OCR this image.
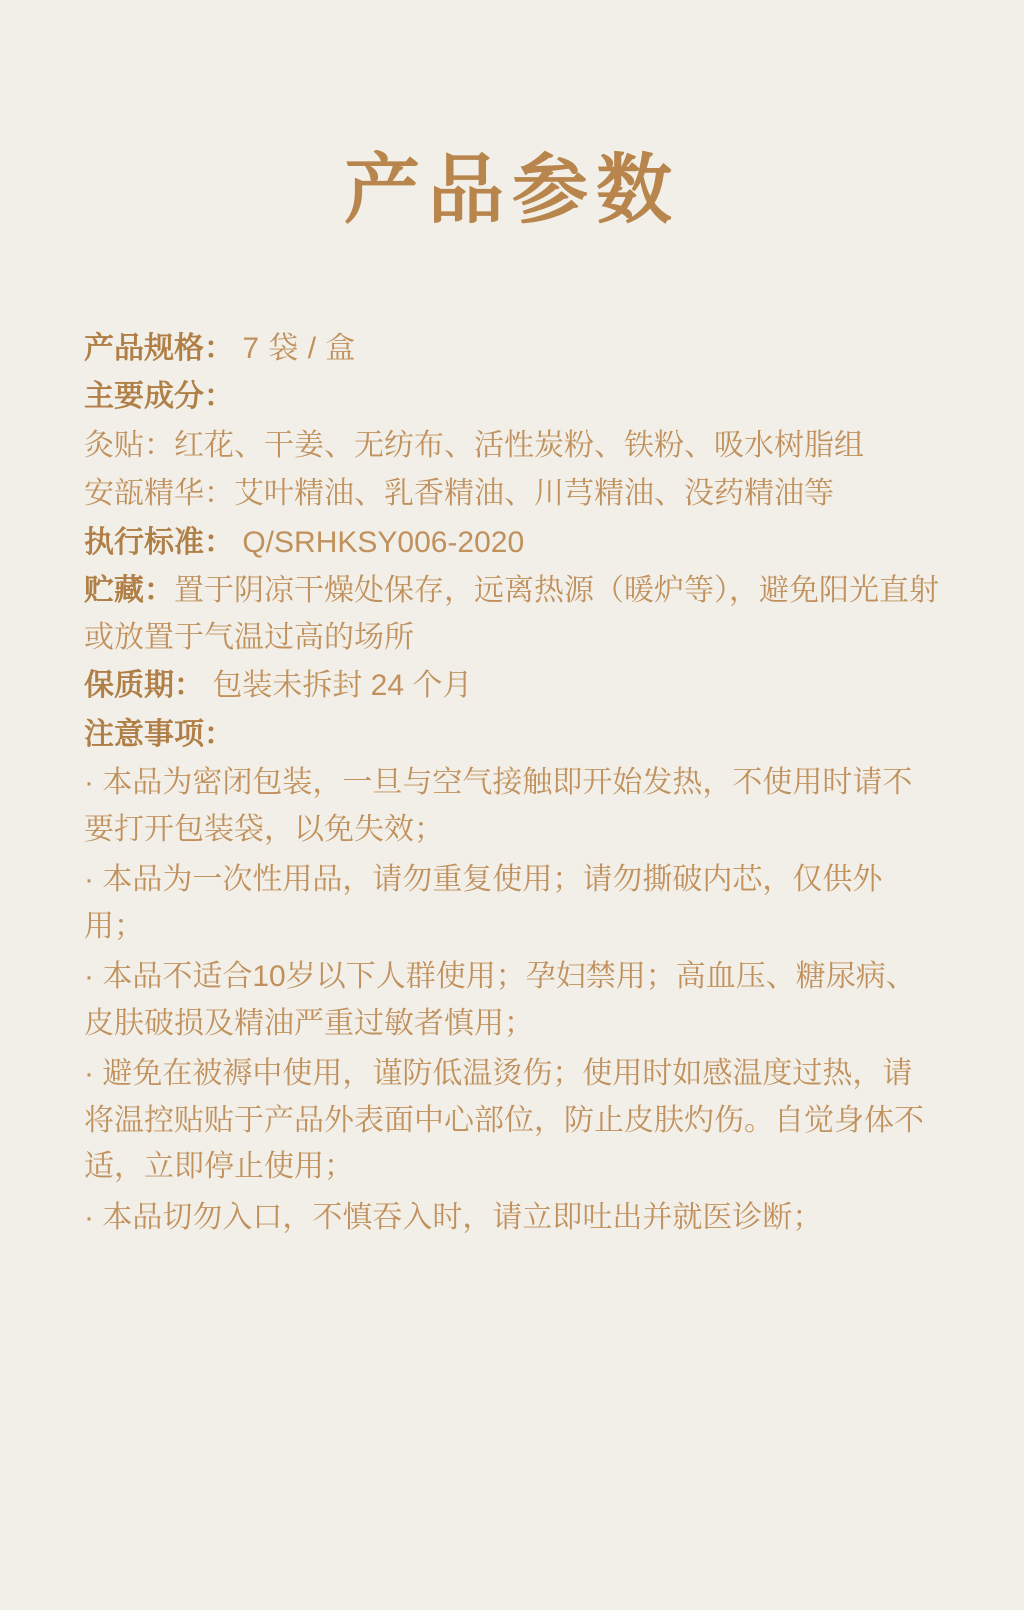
产品参数
产品规格： 7 袋 / 盒
主要成分：
灸贴：红花、干姜、无纺布、活性炭粉、铁粉、吸水树脂组
安瓿精华：艾叶精油、乳香精油、川芎精油、没药精油等
执行标准： Q/SRHKSY006-2020
贮藏：置于阴凉干燥处保存，远离热源（暖炉等），避免阳光直射或放置于气温过高的场所
保质期： 包装未拆封 24 个月
注意事项：
· 本品为密闭包装，一旦与空气接触即开始发热，不使用时请不要打开包装袋，以免失效；
· 本品为一次性用品，请勿重复使用；请勿撕破内芯，仅供外用；
· 本品不适合10岁以下人群使用；孕妇禁用；高血压、糖尿病、皮肤破损及精油严重过敏者慎用；
· 避免在被褥中使用，谨防低温烫伤；使用时如感温度过热，请将温控贴贴于产品外表面中心部位，防止皮肤灼伤。自觉身体不适，立即停止使用；
· 本品切勿入口，不慎吞入时，请立即吐出并就医诊断；
